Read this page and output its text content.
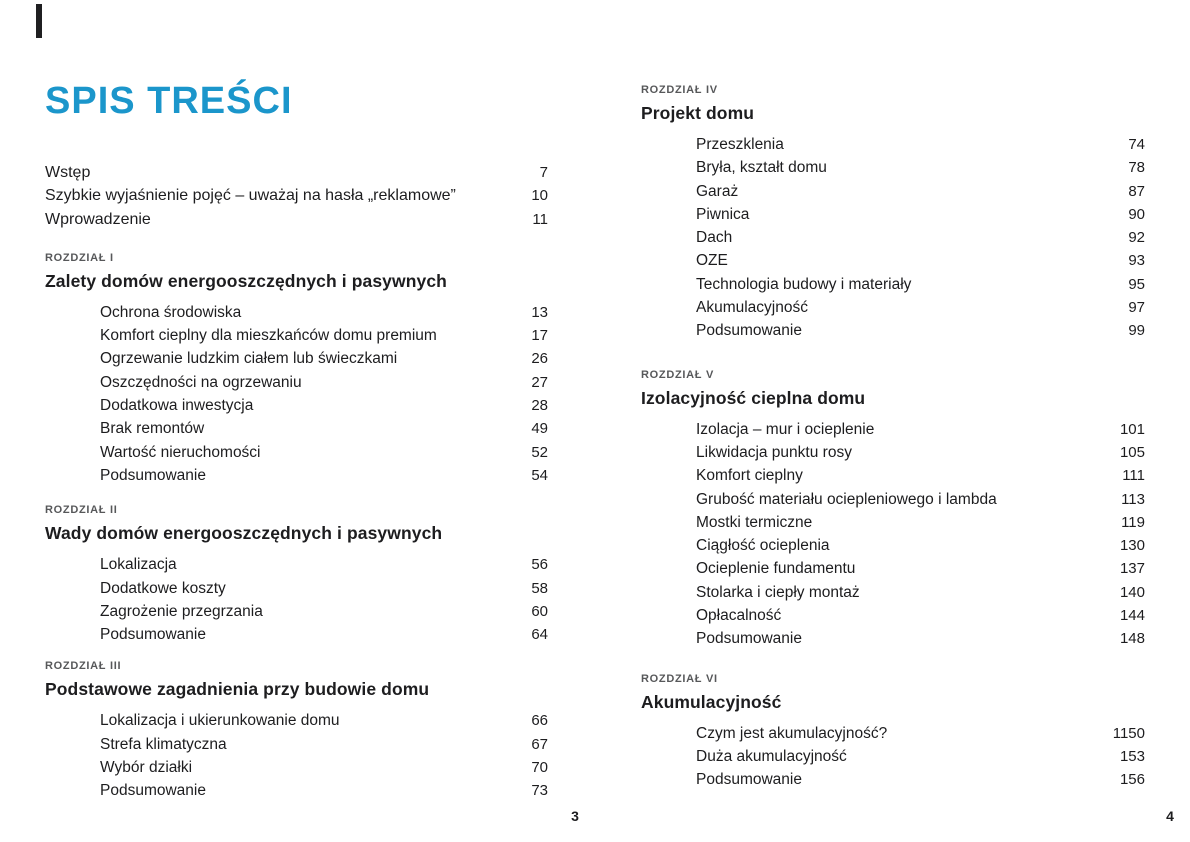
SPIS TREŚCI
Wstęp	7
Szybkie wyjaśnienie pojęć – uważaj na hasła „reklamowe”	10
Wprowadzenie	11
ROZDZIAŁ I
Zalety domów energooszczędnych i pasywnych
Ochrona środowiska	13
Komfort cieplny dla mieszkańców domu premium	17
Ogrzewanie ludzkim ciałem lub świeczkami	26
Oszczędności na ogrzewaniu	27
Dodatkowa inwestycja	28
Brak remontów	49
Wartość nieruchomości	52
Podsumowanie	54
ROZDZIAŁ II
Wady domów energooszczędnych i pasywnych
Lokalizacja	56
Dodatkowe koszty	58
Zagrożenie przegrzania	60
Podsumowanie	64
ROZDZIAŁ III
Podstawowe zagadnienia przy budowie domu
Lokalizacja i ukierunkowanie domu	66
Strefa klimatyczna	67
Wybór działki	70
Podsumowanie	73
ROZDZIAŁ IV
Projekt domu
Przeszklenia	74
Bryła, kształt domu	78
Garaż	87
Piwnica	90
Dach	92
OZE	93
Technologia budowy i materiały	95
Akumulacyjność	97
Podsumowanie	99
ROZDZIAŁ V
Izolacyjność cieplna domu
Izolacja – mur i ocieplenie	101
Likwidacja punktu rosy	105
Komfort cieplny	111
Grubość materiału ociepleniowego i lambda	113
Mostki termiczne	119
Ciągłość ocieplenia	130
Ocieplenie fundamentu	137
Stolarka i ciepły montaż	140
Opłacalność	144
Podsumowanie	148
ROZDZIAŁ VI
Akumulacyjność
Czym jest akumulacyjność?	1150
Duża akumulacyjność	153
Podsumowanie	156
3	4
